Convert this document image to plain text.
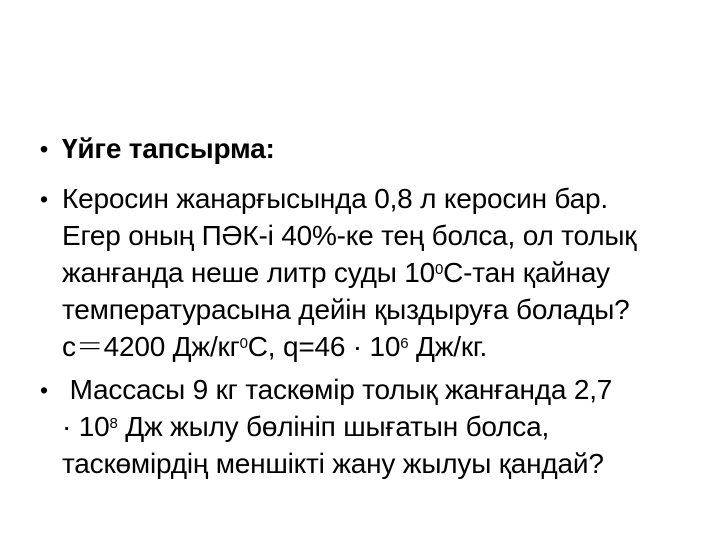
• Үйге тапсырма:
• Керосин жанарғысында 0,8 л керосин бар.
Егер оның ПӘК-і 40%-ке тең болса, ол толық
жанғанда неше литр суды $10^0С$-тан қайнау
температурасына дейін қыздыруға болады?
с＝4200 $Дж/кг^0С$, $q=46 \cdot 10^6$ Дж/кг.
• Массасы 9 кг таскөмір толық жанғанда 2,7
· $10^8$ Дж жылу бөлініп шығатын болса,
таскөмірдің меншікті жану жылуы қандай?
